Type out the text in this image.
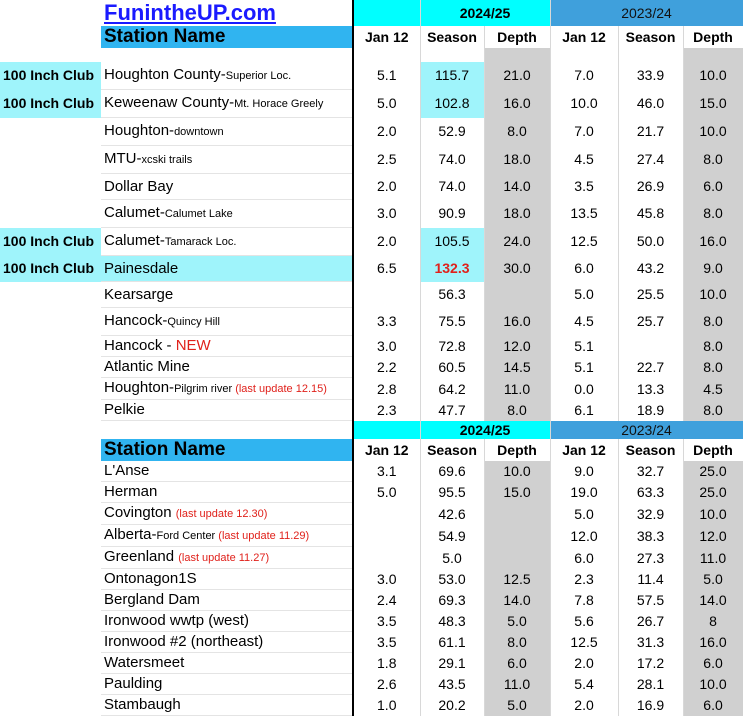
	FunintheUP.com		2024/25		2023/24		
	Station Name	Jan 12	Season	Depth	Jan 12	Season	Depth

100 Inch Club	Houghton County-Superior Loc.	5.1	115.7	21.0	7.0	33.9	10.0
100 Inch Club	Keweenaw County-Mt. Horace Greely	5.0	102.8	16.0	10.0	46.0	15.0
	Houghton-downtown	2.0	52.9	8.0	7.0	21.7	10.0
	MTU-xcski trails	2.5	74.0	18.0	4.5	27.4	8.0
	Dollar Bay	2.0	74.0	14.0	3.5	26.9	6.0
	Calumet-Calumet Lake	3.0	90.9	18.0	13.5	45.8	8.0
100 Inch Club	Calumet-Tamarack Loc.	2.0	105.5	24.0	12.5	50.0	16.0
100 Inch Club	Painesdale	6.5	132.3	30.0	6.0	43.2	9.0
	Kearsarge		56.3		5.0	25.5	10.0
	Hancock-Quincy Hill	3.3	75.5	16.0	4.5	25.7	8.0
	Hancock - NEW	3.0	72.8	12.0	5.1		8.0
	Atlantic Mine	2.2	60.5	14.5	5.1	22.7	8.0
	Houghton-Pilgrim river (last update 12.15)	2.8	64.2	11.0	0.0	13.3	4.5
	Pelkie	2.3	47.7	8.0	6.1	18.9	8.0
			2024/25		2023/24		
	Station Name	Jan 12	Season	Depth	Jan 12	Season	Depth
	L'Anse	3.1	69.6	10.0	9.0	32.7	25.0
	Herman	5.0	95.5	15.0	19.0	63.3	25.0
	Covington (last update 12.30)		42.6		5.0	32.9	10.0
	Alberta-Ford Center (last update 11.29)		54.9		12.0	38.3	12.0
	Greenland (last update 11.27)		5.0		6.0	27.3	11.0
	Ontonagon1S	3.0	53.0	12.5	2.3	11.4	5.0
	Bergland Dam	2.4	69.3	14.0	7.8	57.5	14.0
	Ironwood wwtp (west)	3.5	48.3	5.0	5.6	26.7	8
	Ironwood #2 (northeast)	3.5	61.1	8.0	12.5	31.3	16.0
	Watersmeet	1.8	29.1	6.0	2.0	17.2	6.0
	Paulding	2.6	43.5	11.0	5.4	28.1	10.0
	Stambaugh	1.0	20.2	5.0	2.0	16.9	6.0
